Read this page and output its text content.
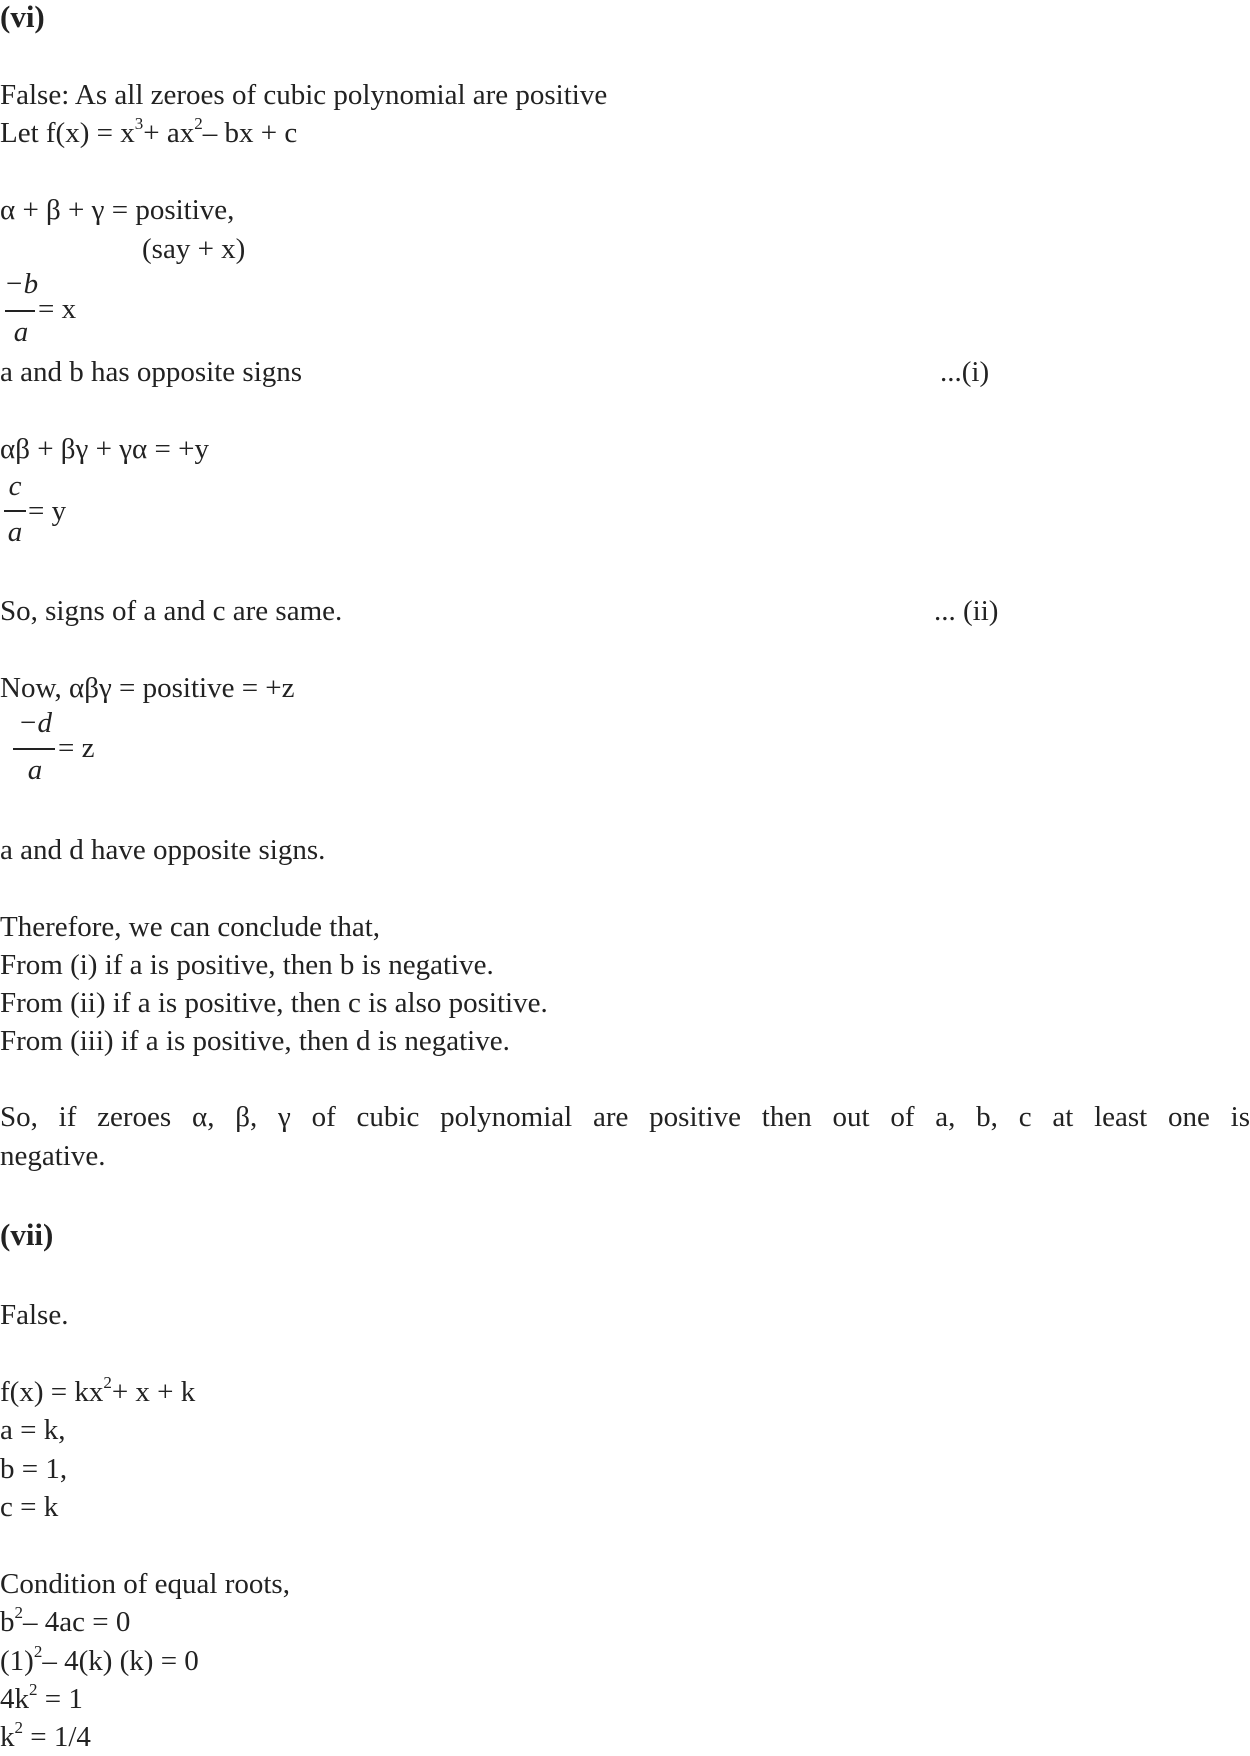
(vi)
False: As all zeroes of cubic polynomial are positive
Let $f(x) = x^3+ ax^2-$ bx + c
α + β + γ = positive,
(say + x)
−b
a
= x
a and b has opposite signs	...(i)
αβ + βγ + γα = +y
c
a
= y
So, signs of a and c are same.	... (ii)
Now, αβγ = positive = +z
−d
a
= z
a and d have opposite signs.
Therefore, we can conclude that,
From (i) if a is positive, then b is negative.
From (ii) if a is positive, then c is also positive.
From (iii) if a is positive, then d is negative.
So, if zeroes α, β, γ of cubic polynomial are positive then out of a, b, c at least one is
negative.
(vii)
False.
$f(x) = kx^2+ x + k$
a = k,
b = 1,
c = k
Condition of equal roots,
$b^2-$ 4ac = 0
$(1)^2-$ 4(k) (k) = 0
$4k^2 = 1$
$k^2 = 1/4$
